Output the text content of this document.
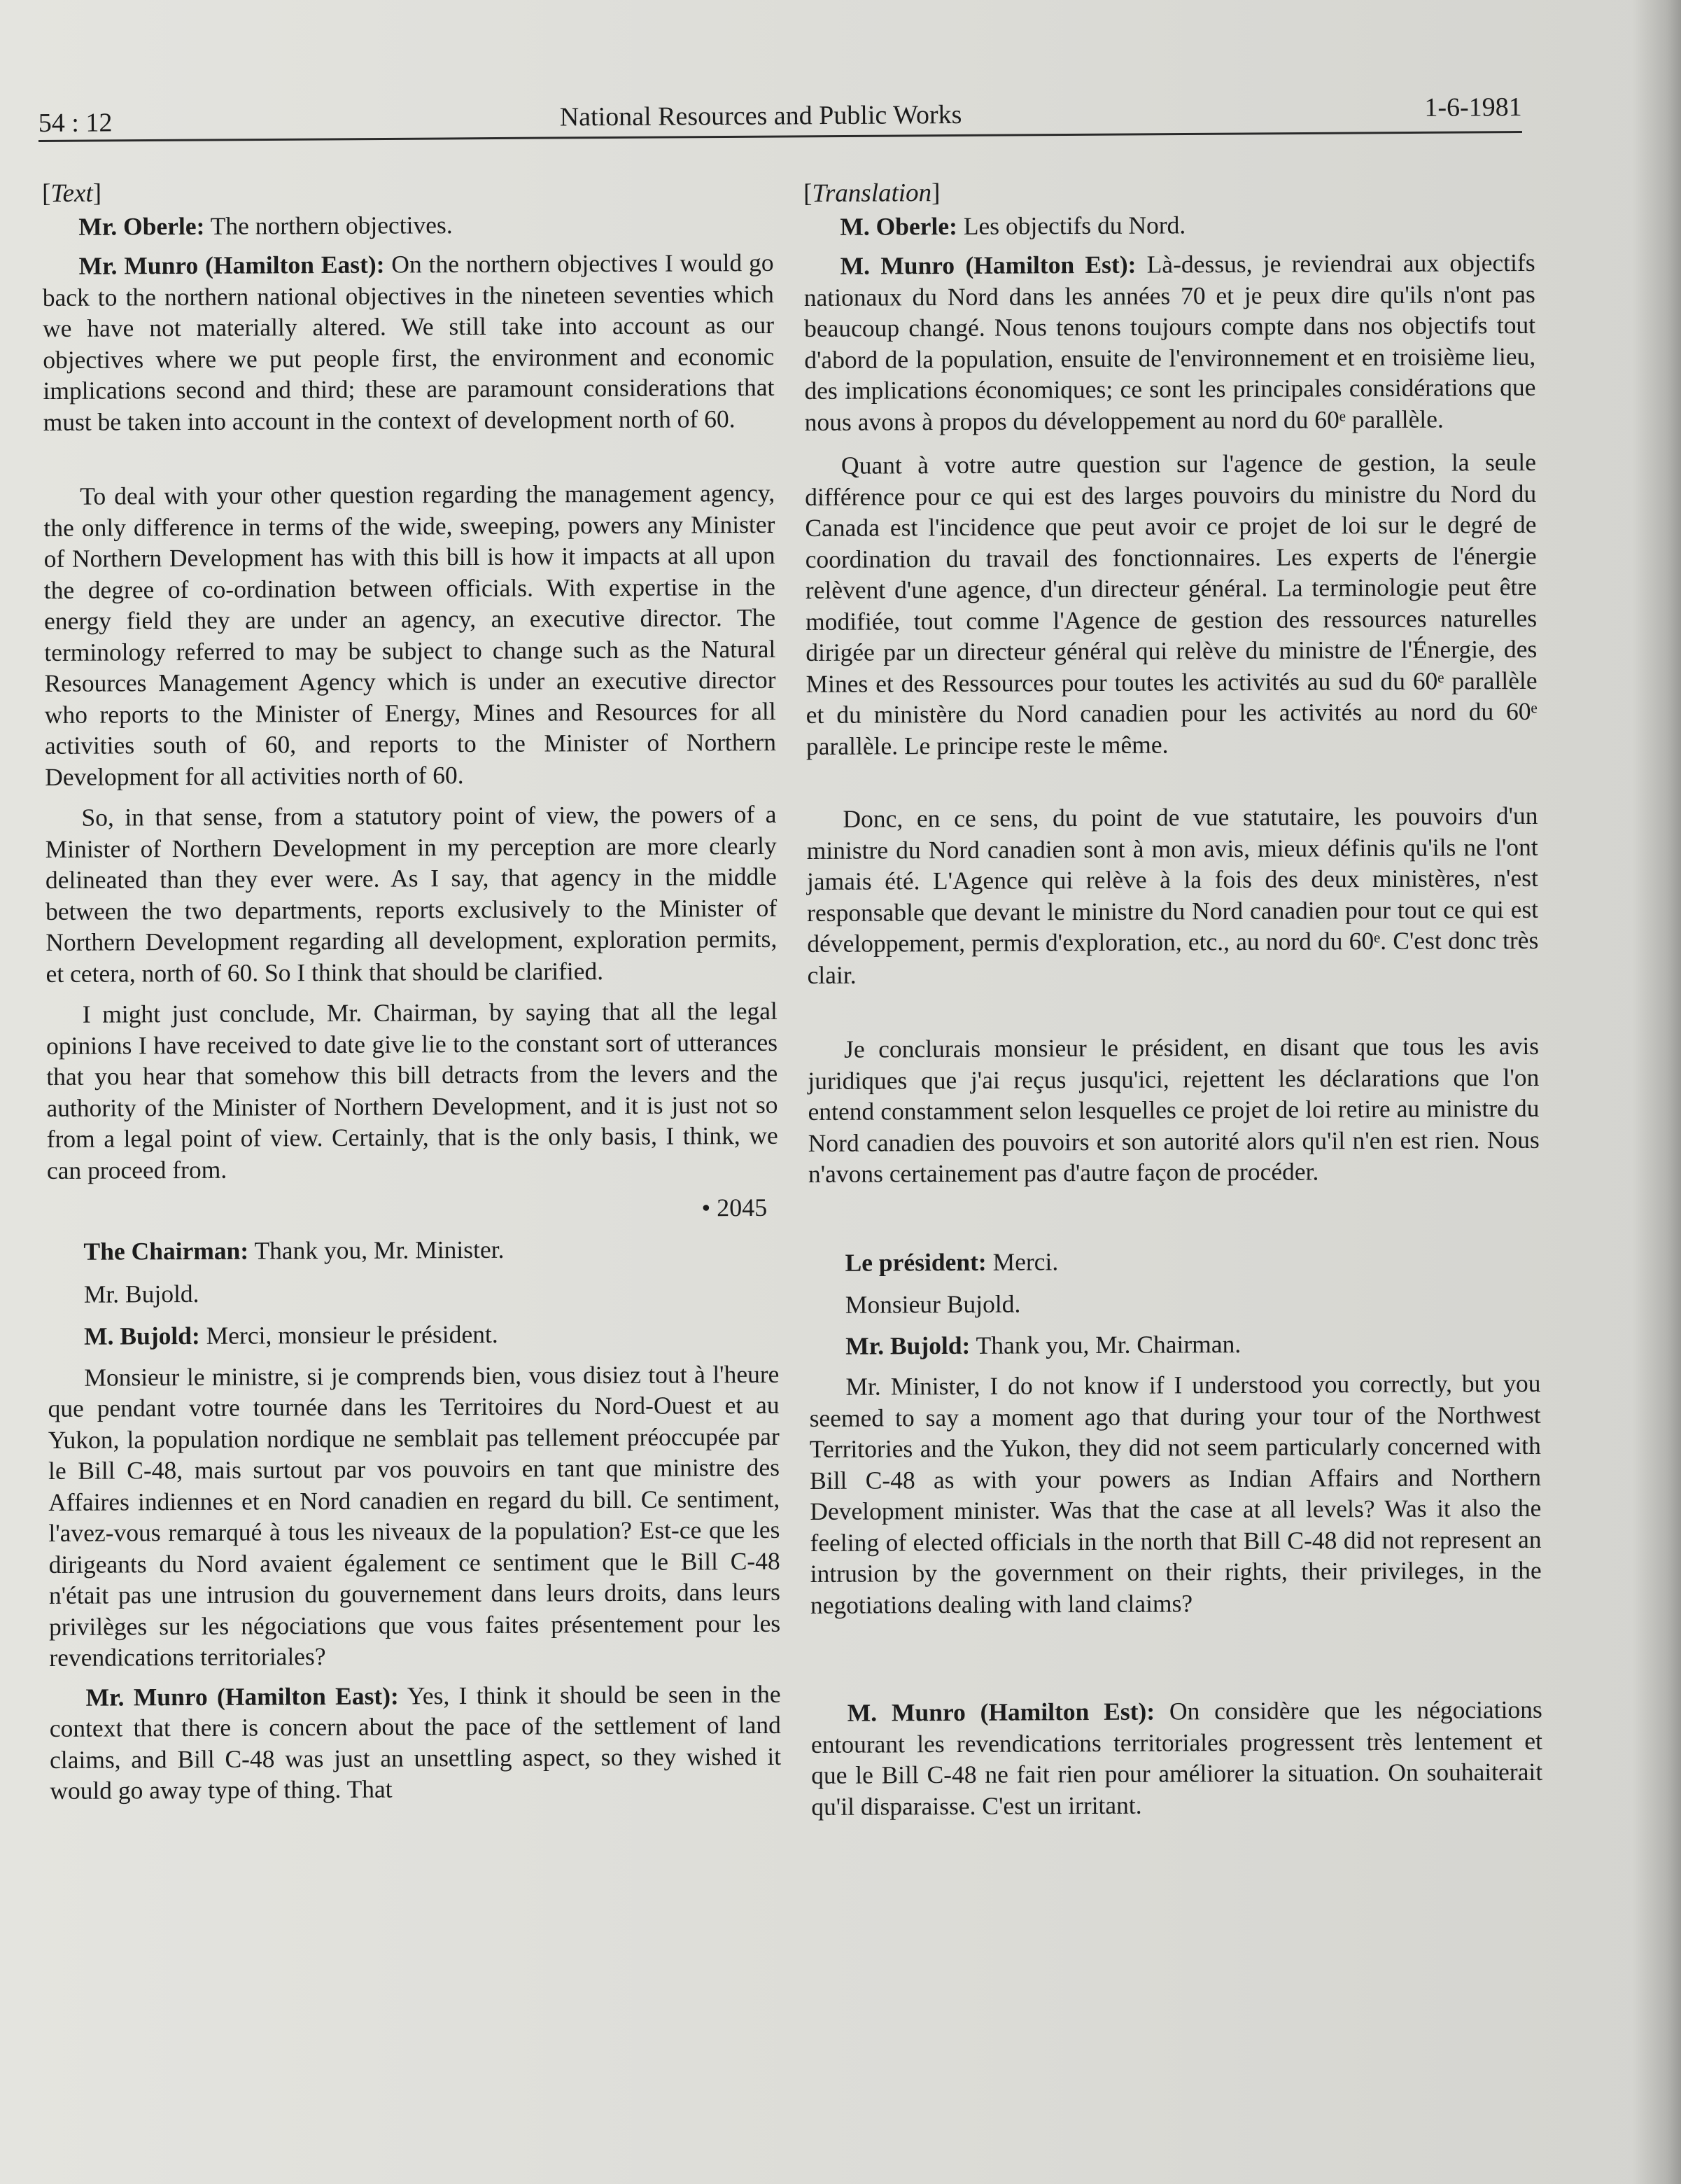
54 : 12	National Resources and Public Works	1-6-1981
[Text]

Mr. Oberle: The northern objectives.

Mr. Munro (Hamilton East): On the northern objectives I would go back to the northern national objectives in the nineteen seventies which we have not materially altered. We still take into account as our objectives where we put people first, the environment and economic implications second and third; these are paramount considerations that must be taken into account in the context of development north of 60.

To deal with your other question regarding the management agency, the only difference in terms of the wide, sweeping, powers any Minister of Northern Development has with this bill is how it impacts at all upon the degree of co-ordination between officials. With expertise in the energy field they are under an agency, an executive director. The terminology referred to may be subject to change such as the Natural Resources Management Agency which is under an executive director who reports to the Minister of Energy, Mines and Resources for all activities south of 60, and reports to the Minister of Northern Development for all activities north of 60.

So, in that sense, from a statutory point of view, the powers of a Minister of Northern Development in my perception are more clearly delineated than they ever were. As I say, that agency in the middle between the two departments, reports exclusively to the Minister of Northern Development regarding all development, exploration permits, et cetera, north of 60. So I think that should be clarified.

I might just conclude, Mr. Chairman, by saying that all the legal opinions I have received to date give lie to the constant sort of utterances that you hear that somehow this bill detracts from the levers and the authority of the Minister of Northern Development, and it is just not so from a legal point of view. Certainly, that is the only basis, I think, we can proceed from.

• 2045

The Chairman: Thank you, Mr. Minister.

Mr. Bujold.

M. Bujold: Merci, monsieur le président.

Monsieur le ministre, si je comprends bien, vous disiez tout à l'heure que pendant votre tournée dans les Territoires du Nord-Ouest et au Yukon, la population nordique ne semblait pas tellement préoccupée par le Bill C-48, mais surtout par vos pouvoirs en tant que ministre des Affaires indiennes et en Nord canadien en regard du bill. Ce sentiment, l'avez-vous remarqué à tous les niveaux de la population? Est-ce que les dirigeants du Nord avaient également ce sentiment que le Bill C-48 n'était pas une intrusion du gouvernement dans leurs droits, dans leurs privilèges sur les négociations que vous faites présentement pour les revendications territoriales?

Mr. Munro (Hamilton East): Yes, I think it should be seen in the context that there is concern about the pace of the settlement of land claims, and Bill C-48 was just an unsettling aspect, so they wished it would go away type of thing. That

[Translation]

M. Oberle: Les objectifs du Nord.

M. Munro (Hamilton Est): Là-dessus, je reviendrai aux objectifs nationaux du Nord dans les années 70 et je peux dire qu'ils n'ont pas beaucoup changé. Nous tenons toujours compte dans nos objectifs tout d'abord de la population, ensuite de l'environnement et en troisième lieu, des implications économiques; ce sont les principales considérations que nous avons à propos du développement au nord du 60ᵉ parallèle.

Quant à votre autre question sur l'agence de gestion, la seule différence pour ce qui est des larges pouvoirs du ministre du Nord du Canada est l'incidence que peut avoir ce projet de loi sur le degré de coordination du travail des fonctionnaires. Les experts de l'énergie relèvent d'une agence, d'un directeur général. La terminologie peut être modifiée, tout comme l'Agence de gestion des ressources naturelles dirigée par un directeur général qui relève du ministre de l'Énergie, des Mines et des Ressources pour toutes les activités au sud du 60ᵉ parallèle et du ministère du Nord canadien pour les activités au nord du 60ᵉ parallèle. Le principe reste le même.

Donc, en ce sens, du point de vue statutaire, les pouvoirs d'un ministre du Nord canadien sont à mon avis, mieux définis qu'ils ne l'ont jamais été. L'Agence qui relève à la fois des deux ministères, n'est responsable que devant le ministre du Nord canadien pour tout ce qui est développement, permis d'exploration, etc., au nord du 60ᵉ. C'est donc très clair.

Je conclurais monsieur le président, en disant que tous les avis juridiques que j'ai reçus jusqu'ici, rejettent les déclarations que l'on entend constamment selon lesquelles ce projet de loi retire au ministre du Nord canadien des pouvoirs et son autorité alors qu'il n'en est rien. Nous n'avons certainement pas d'autre façon de procéder.

Le président: Merci.

Monsieur Bujold.

Mr. Bujold: Thank you, Mr. Chairman.

Mr. Minister, I do not know if I understood you correctly, but you seemed to say a moment ago that during your tour of the Northwest Territories and the Yukon, they did not seem particularly concerned with Bill C-48 as with your powers as Indian Affairs and Northern Development minister. Was that the case at all levels? Was it also the feeling of elected officials in the north that Bill C-48 did not represent an intrusion by the government on their rights, their privileges, in the negotiations dealing with land claims?

M. Munro (Hamilton Est): On considère que les négociations entourant les revendications territoriales progressent très lentement et que le Bill C-48 ne fait rien pour améliorer la situation. On souhaiterait qu'il disparaisse. C'est un irritant.
